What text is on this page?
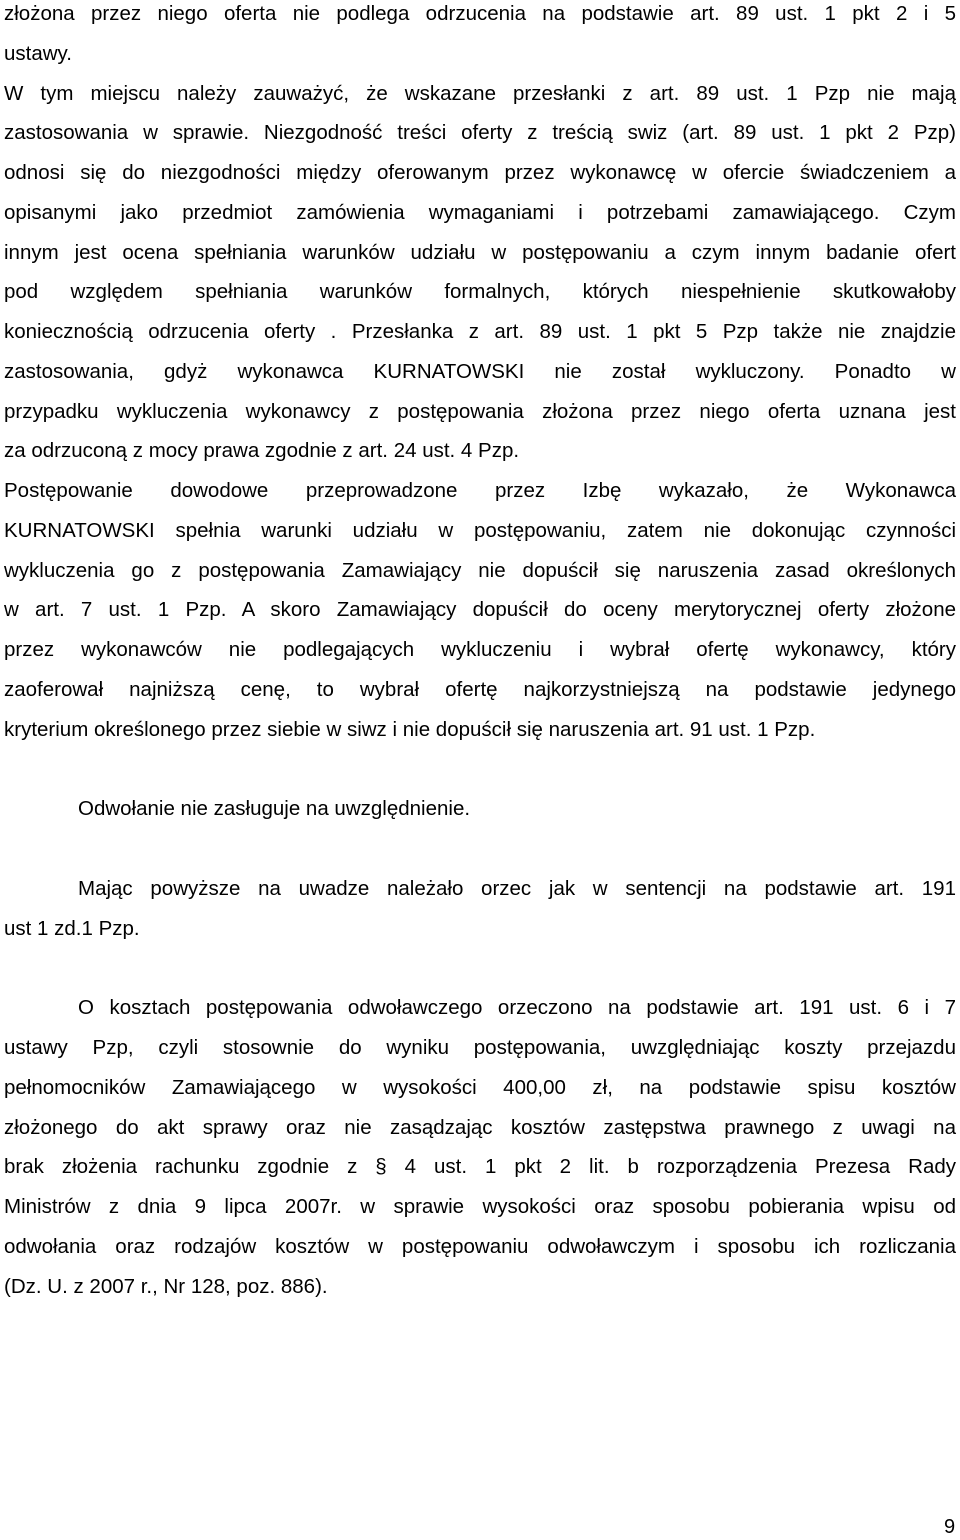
złożona przez niego oferta nie podlega odrzucenia na podstawie art. 89 ust. 1 pkt 2 i 5
ustawy.
W tym miejscu należy zauważyć, że wskazane przesłanki z art. 89 ust. 1 Pzp nie mają
zastosowania w sprawie. Niezgodność treści oferty z treścią swiz (art. 89 ust. 1 pkt 2 Pzp)
odnosi się do niezgodności między oferowanym przez wykonawcę w ofercie świadczeniem a
opisanymi jako przedmiot zamówienia wymaganiami i potrzebami zamawiającego. Czym
innym jest ocena spełniania warunków udziału w postępowaniu a czym innym badanie ofert
pod względem spełniania warunków formalnych, których niespełnienie skutkowałoby
koniecznością odrzucenia oferty . Przesłanka z art. 89 ust. 1 pkt 5 Pzp także nie znajdzie
zastosowania, gdyż wykonawca KURNATOWSKI nie został wykluczony. Ponadto w
przypadku wykluczenia wykonawcy z postępowania złożona przez niego oferta uznana jest
za odrzuconą z mocy prawa zgodnie z art. 24 ust. 4 Pzp.
Postępowanie dowodowe przeprowadzone przez Izbę wykazało, że Wykonawca
KURNATOWSKI spełnia warunki udziału w postępowaniu, zatem nie dokonując czynności
wykluczenia go z postępowania Zamawiający nie dopuścił się naruszenia zasad określonych
w art. 7 ust. 1 Pzp. A skoro Zamawiający dopuścił do oceny merytorycznej oferty złożone
przez wykonawców nie podlegających wykluczeniu i wybrał ofertę wykonawcy, który
zaoferował najniższą cenę, to wybrał ofertę najkorzystniejszą na podstawie jedynego
kryterium określonego przez siebie w siwz i nie dopuścił się naruszenia art. 91 ust. 1 Pzp.
Odwołanie nie zasługuje na uwzględnienie.
Mając powyższe na uwadze należało orzec jak w sentencji na podstawie art. 191
ust 1 zd.1 Pzp.
O kosztach postępowania odwoławczego orzeczono na podstawie art. 191 ust. 6 i 7
ustawy Pzp, czyli stosownie do wyniku postępowania, uwzględniając koszty przejazdu
pełnomocników Zamawiającego w wysokości 400,00 zł, na podstawie spisu kosztów
złożonego do akt sprawy oraz nie zasądzając kosztów zastępstwa prawnego z uwagi na
brak złożenia rachunku zgodnie z § 4 ust. 1 pkt 2 lit. b rozporządzenia Prezesa Rady
Ministrów z dnia 9 lipca 2007r. w sprawie wysokości oraz sposobu pobierania wpisu od
odwołania oraz rodzajów kosztów w postępowaniu odwoławczym i sposobu ich rozliczania
(Dz. U. z 2007 r., Nr 128, poz. 886).
9
